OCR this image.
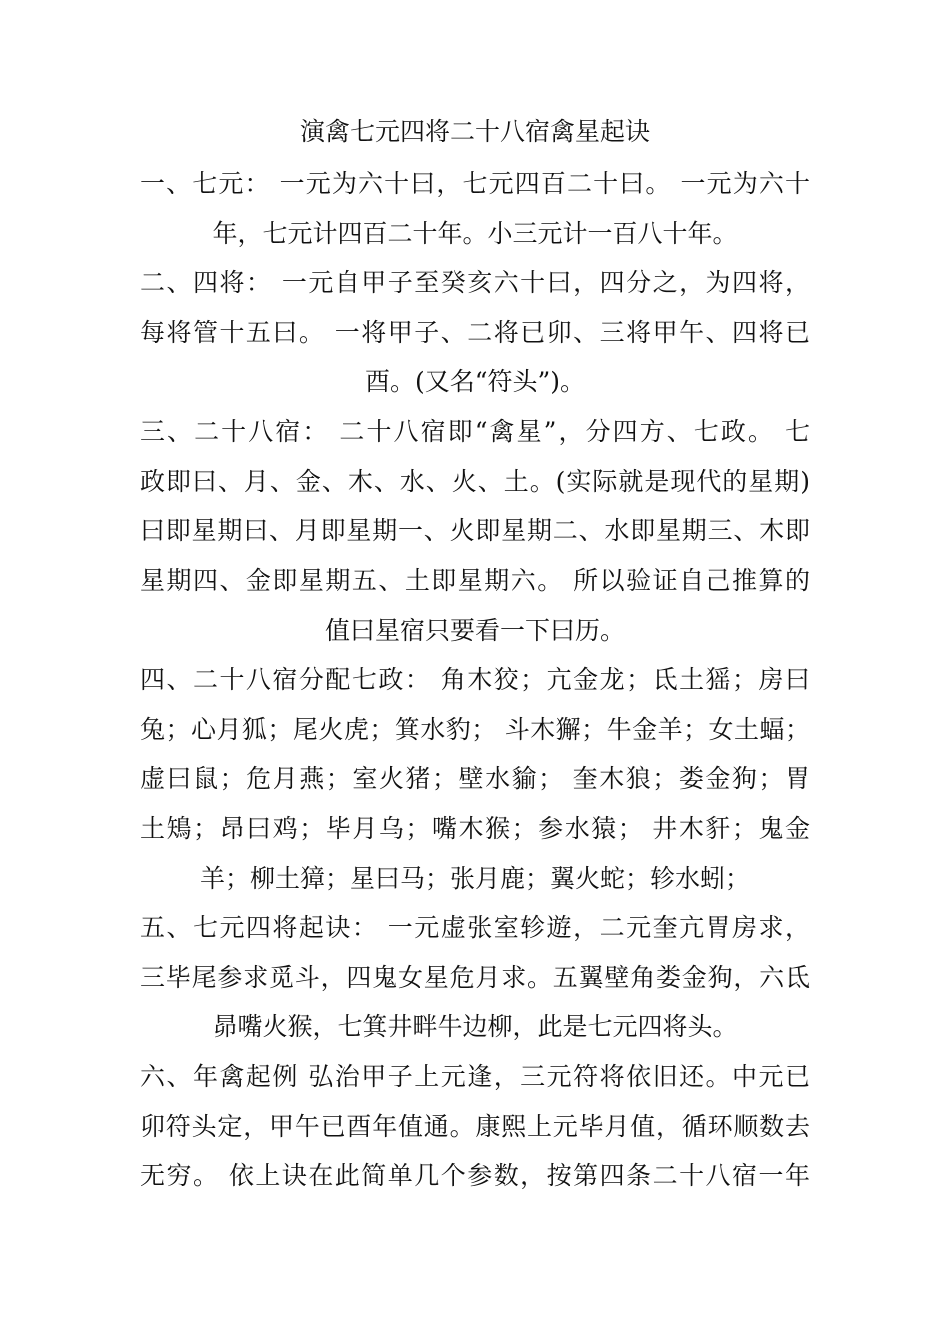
演禽七元四将二十八宿禽星起诀
一、七元： 一元为六十曰，七元四百二十曰。 一元为六十
年，七元计四百二十年。小三元计一百八十年。
二、四将： 一元自甲子至癸亥六十曰，四分之，为四将，
每将管十五曰。 一将甲子、二将已卯、三将甲午、四将已
酉。(又名“符头”)。
三、二十八宿： 二十八宿即“禽星”，分四方、七政。 七
政即曰、月、金、木、水、火、土。(实际就是现代的星期)
曰即星期曰、月即星期一、火即星期二、水即星期三、木即
星期四、金即星期五、土即星期六。 所以验证自己推算的
值曰星宿只要看一下曰历。
四、二十八宿分配七政： 角木狡；亢金龙；氐土猺；房曰
兔；心月狐；尾火虎；箕水豹； 斗木獬；牛金羊；女土蝠；
虚曰鼠；危月燕；室火猪；壁水貐； 奎木狼；娄金狗；胃
土鴙；昂曰鸡；毕月乌；嘴木猴；参水猿； 井木豻；鬼金
羊；柳土獐；星曰马；张月鹿；翼火蛇；轸水蚓；
五、七元四将起诀： 一元虚张室轸遊，二元奎亢胃房求，
三毕尾参求觅斗，四鬼女星危月求。五翼壁角娄金狗，六氐
昴嘴火猴，七箕井畔牛边柳，此是七元四将头。
六、年禽起例 弘治甲子上元逢，三元符将依旧还。中元已
卯符头定，甲午已酉年值通。康熙上元毕月值，循环顺数去
无穷。 依上诀在此简单几个参数，按第四条二十八宿一年
